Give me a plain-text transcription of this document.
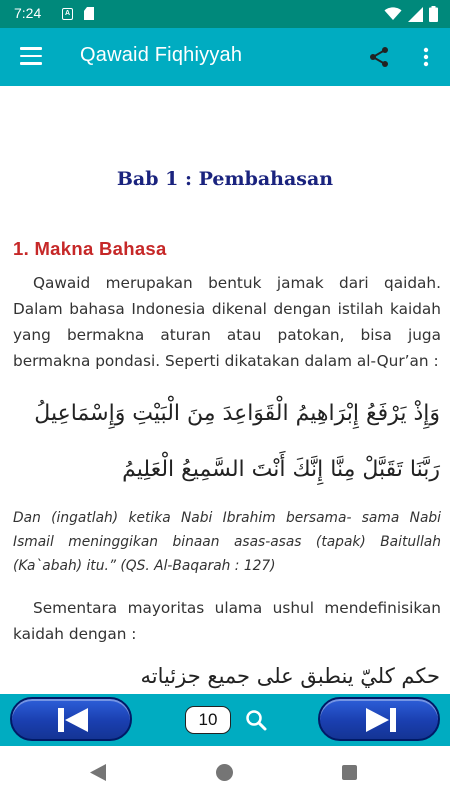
7:24	A
Qawaid Fiqhiyyah
Bab 1 : Pembahasan
1. Makna Bahasa

Qawaid merupakan bentuk jamak dari qaidah. Dalam bahasa Indonesia dikenal dengan istilah kaidah yang bermakna aturan atau patokan, bisa juga bermakna pondasi. Seperti dikatakan dalam al-Qur’an :

وَإِذْ يَرْفَعُ إِبْرَاهِيمُ الْقَوَاعِدَ مِنَ الْبَيْتِ وَإِسْمَاعِيلُ رَبَّنَا تَقَبَّلْ مِنَّا إِنَّكَ أَنْتَ السَّمِيعُ الْعَلِيمُ

Dan (ingatlah) ketika Nabi Ibrahim bersama- sama Nabi Ismail meninggikan binaan asas-asas (tapak) Baitullah (Ka`abah) itu.” (QS. Al-Baqarah : 127)

Sementara mayoritas ulama ushul mendefinisikan kaidah dengan :

حكم كليّ ينطبق على جميع جزئياته

10
